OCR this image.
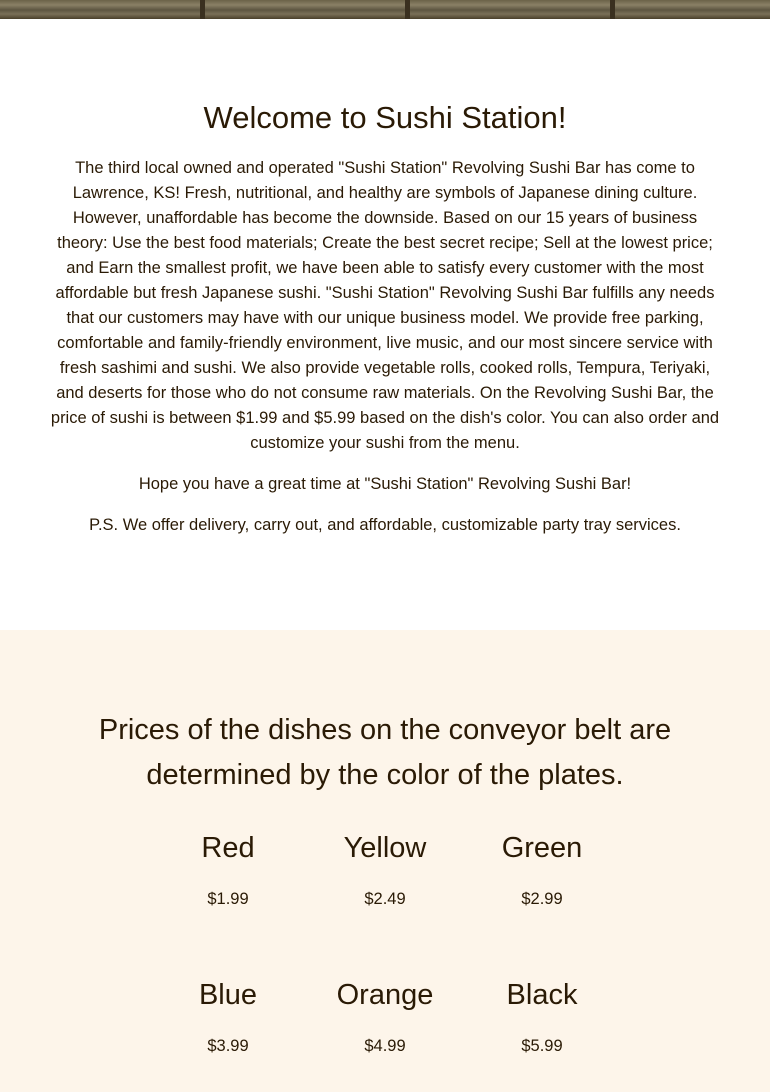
Welcome to Sushi Station!

The third local owned and operated "Sushi Station" Revolving Sushi Bar has come to Lawrence, KS! Fresh, nutritional, and healthy are symbols of Japanese dining culture. However, unaffordable has become the downside. Based on our 15 years of business theory: Use the best food materials; Create the best secret recipe; Sell at the lowest price; and Earn the smallest profit, we have been able to satisfy every customer with the most affordable but fresh Japanese sushi. "Sushi Station" Revolving Sushi Bar fulfills any needs that our customers may have with our unique business model. We provide free parking, comfortable and family-friendly environment, live music, and our most sincere service with fresh sashimi and sushi. We also provide vegetable rolls, cooked rolls, Tempura, Teriyaki, and deserts for those who do not consume raw materials. On the Revolving Sushi Bar, the price of sushi is between $1.99 and $5.99 based on the dish's color. You can also order and customize your sushi from the menu.

Hope you have a great time at "Sushi Station" Revolving Sushi Bar!

P.S. We offer delivery, carry out, and affordable, customizable party tray services.

Prices of the dishes on the conveyor belt are determined by the color of the plates.
Red
$1.99
Yellow
$2.49
Green
$2.99
Blue
$3.99
Orange
$4.99
Black
$5.99
